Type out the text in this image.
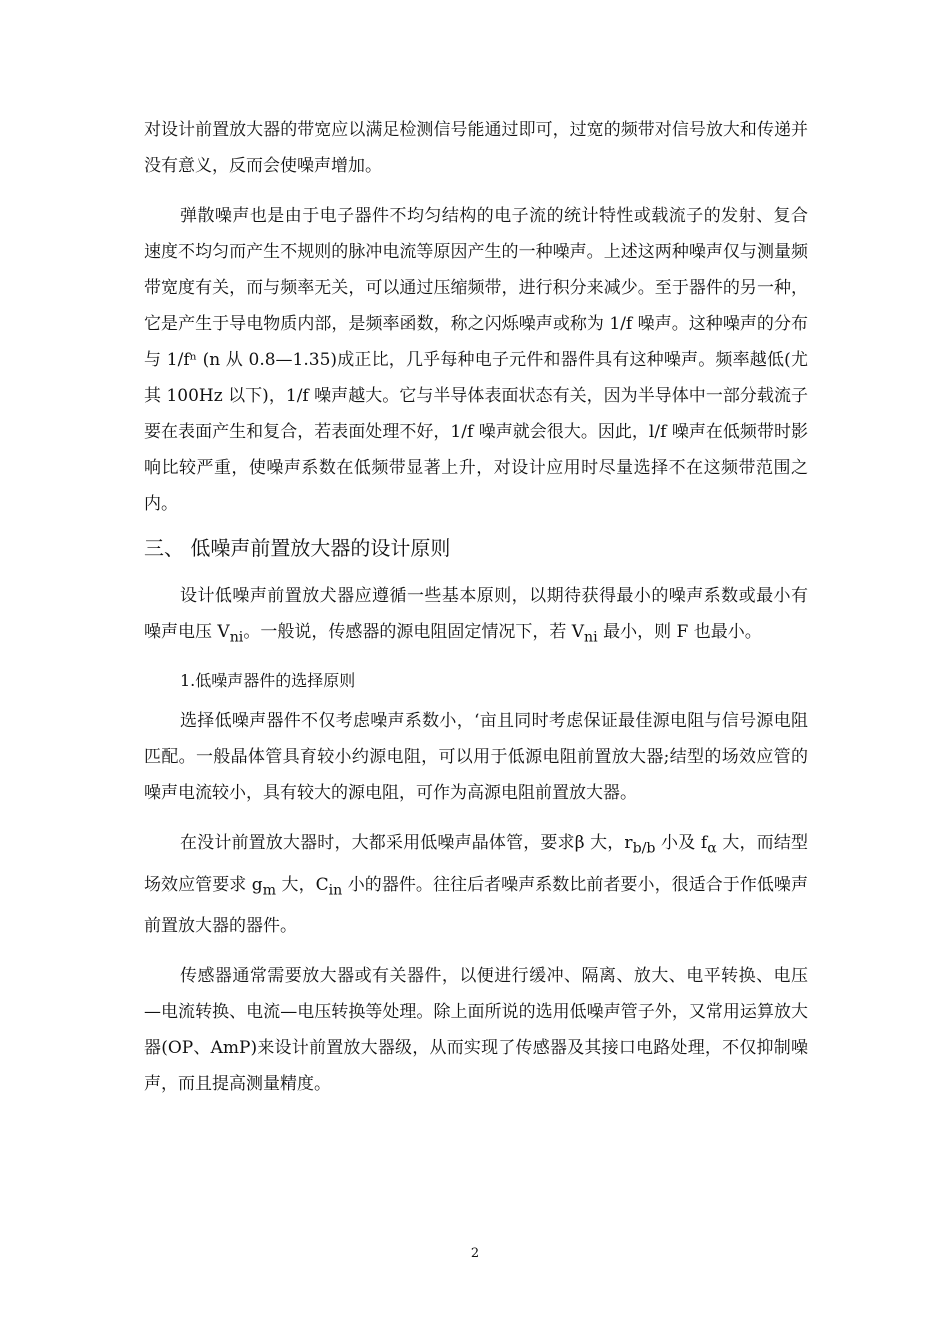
对设计前置放大器的带宽应以满足检测信号能通过即可，过宽的频带对信号放大和传递并没有意义，反而会使噪声增加。

弹散噪声也是由于电子器件不均匀结构的电子流的统计特性或载流子的发射、复合速度不均匀而产生不规则的脉冲电流等原因产生的一种噪声。上述这两种噪声仅与测量频带宽度有关，而与频率无关，可以通过压缩频带，进行积分来减少。至于器件的另一种，它是产生于导电物质内部，是频率函数，称之闪烁噪声或称为 1/f 噪声。这种噪声的分布与 1/fⁿ (n 从 0.8—1.35)成正比，几乎每种电子元件和器件具有这种噪声。频率越低(尤其 100Hz 以下)，1/f 噪声越大。它与半导体表面状态有关，因为半导体中一部分载流子要在表面产生和复合，若表面处理不好，1/f 噪声就会很大。因此，l/f 噪声在低频带时影响比较严重，使噪声系数在低频带显著上升，对设计应用时尽量选择不在这频带范围之内。

三、 低噪声前置放大器的设计原则

设计低噪声前置放犬器应遵循一些基本原则，以期待获得最小的噪声系数或最小有噪声电压 $V_{ni}$。一般说，传感器的源电阻固定情况下，若 $V_{ni}$ 最小，则 F 也最小。

1.低噪声器件的选择原则

选择低噪声器件不仅考虑噪声系数小，‘亩且同时考虑保证最佳源电阻与信号源电阻匹配。一般晶体管具育较小约源电阻，可以用于低源电阻前置放大器;结型的场效应管的噪声电流较小，具有较大的源电阻，可作为高源电阻前置放大器。

在没计前置放大器时，大都采用低噪声晶体管，要求β 大，$r_{b/b}$ 小及 $f_\alpha$ 大，而结型场效应管要求 $g_m$ 大，$C_{in}$ 小的器件。往往后者噪声系数比前者要小，很适合于作低噪声前置放大器的器件。

传感器通常需要放大器或有关器件，以便进行缓冲、隔离、放大、电平转换、电压—电流转换、电流—电压转换等处理。除上面所说的选用低噪声管子外，又常用运算放大器(OP、AmP)来设计前置放大器级，从而实现了传感器及其接口电路处理，不仅抑制噪声，而且提高测量精度。

2
